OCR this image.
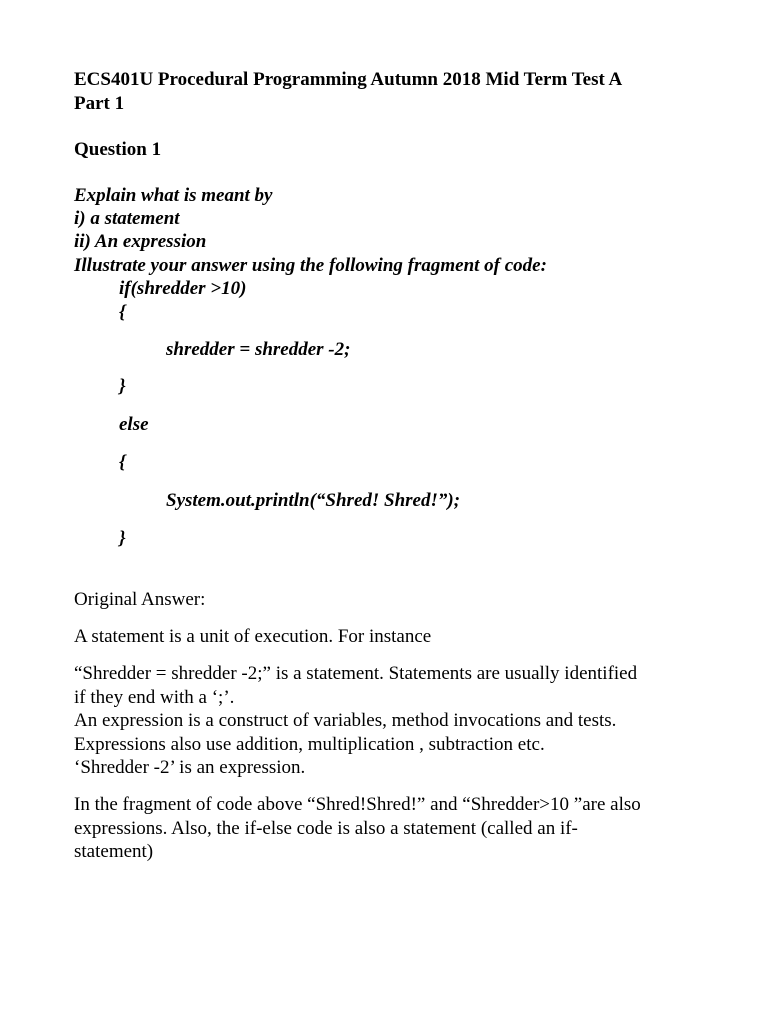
ECS401U Procedural Programming Autumn 2018 Mid Term Test A
Part 1
Question 1
Explain what is meant by
i) a statement
ii) An expression
Illustrate your answer using the following fragment of code:
if(shredder >10)
{
shredder = shredder -2;
}
else
{
System.out.println(“Shred! Shred!”);
}
Original Answer:
A statement is a unit of execution. For instance
“Shredder = shredder -2;” is a statement. Statements are usually identified
if they end with a ‘;’.
An expression is a construct of variables, method invocations and tests.
Expressions also use addition, multiplication , subtraction etc.
‘Shredder -2’ is an expression.
In the fragment of code above “Shred!Shred!” and “Shredder>10 ”are also
expressions. Also, the if-else code is also a statement (called an if-
statement)
